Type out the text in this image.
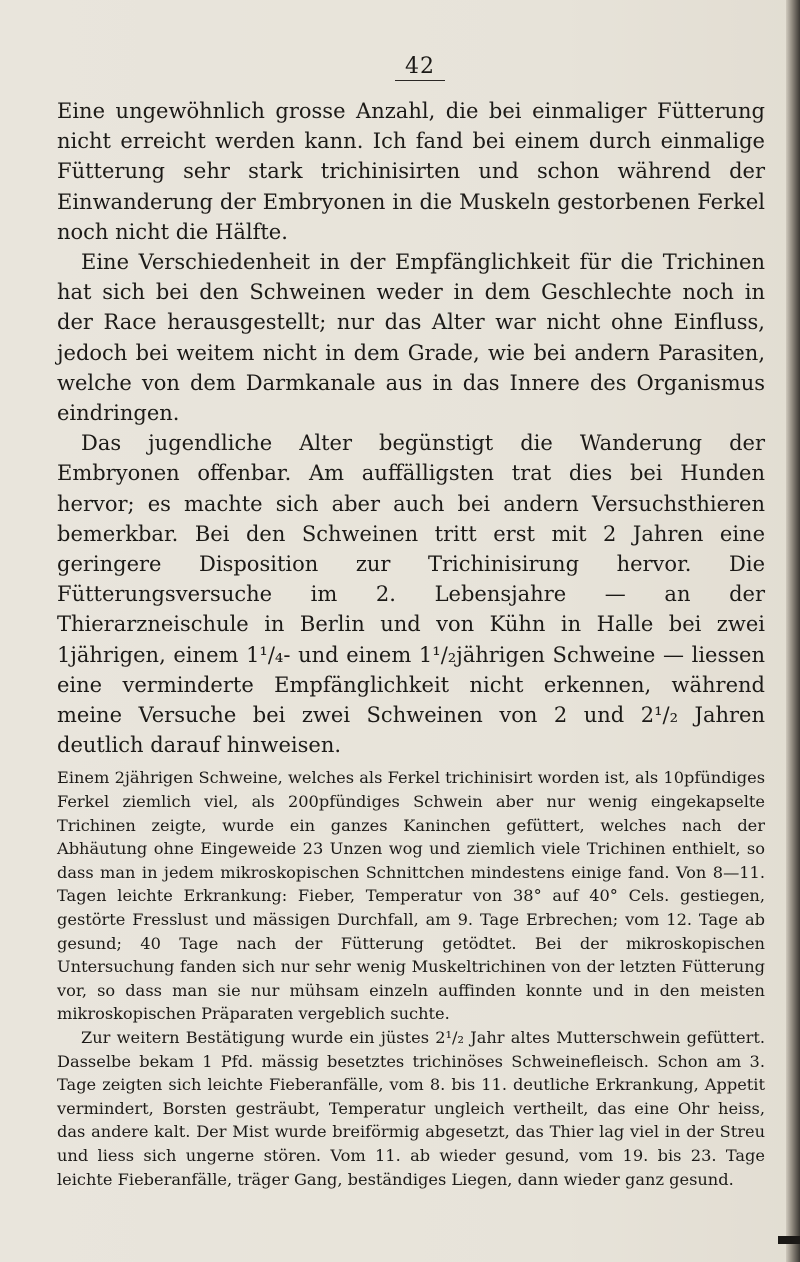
42

Eine ungewöhnlich grosse Anzahl, die bei einmaliger Fütterung nicht erreicht werden kann. Ich fand bei einem durch einmalige Fütterung sehr stark trichinisirten und schon während der Einwanderung der Embryonen in die Muskeln gestorbenen Ferkel noch nicht die Hälfte.

Eine Verschiedenheit in der Empfänglichkeit für die Trichinen hat sich bei den Schweinen weder in dem Geschlechte noch in der Race herausgestellt; nur das Alter war nicht ohne Einfluss, jedoch bei weitem nicht in dem Grade, wie bei andern Parasiten, welche von dem Darmkanale aus in das Innere des Organismus eindringen.

Das jugendliche Alter begünstigt die Wanderung der Embryonen offenbar. Am auffälligsten trat dies bei Hunden hervor; es machte sich aber auch bei andern Versuchsthieren bemerkbar. Bei den Schweinen tritt erst mit 2 Jahren eine geringere Disposition zur Trichinisirung hervor. Die Fütterungsversuche im 2. Lebensjahre — an der Thierarzneischule in Berlin und von Kühn in Halle bei zwei 1jährigen, einem 1¹/₄- und einem 1¹/₂jährigen Schweine — liessen eine verminderte Empfänglichkeit nicht erkennen, während meine Versuche bei zwei Schweinen von 2 und 2¹/₂ Jahren deutlich darauf hinweisen.

Einem 2jährigen Schweine, welches als Ferkel trichinisirt worden ist, als 10pfündiges Ferkel ziemlich viel, als 200pfündiges Schwein aber nur wenig eingekapselte Trichinen zeigte, wurde ein ganzes Kaninchen gefüttert, welches nach der Abhäutung ohne Eingeweide 23 Unzen wog und ziemlich viele Trichinen enthielt, so dass man in jedem mikroskopischen Schnittchen mindestens einige fand. Von 8—11. Tagen leichte Erkrankung: Fieber, Temperatur von 38° auf 40° Cels. gestiegen, gestörte Fresslust und mässigen Durchfall, am 9. Tage Erbrechen; vom 12. Tage ab gesund; 40 Tage nach der Fütterung getödtet. Bei der mikroskopischen Untersuchung fanden sich nur sehr wenig Muskeltrichinen von der letzten Fütterung vor, so dass man sie nur mühsam einzeln auffinden konnte und in den meisten mikroskopischen Präparaten vergeblich suchte.

Zur weitern Bestätigung wurde ein jüstes 2¹/₂ Jahr altes Mutterschwein gefüttert. Dasselbe bekam 1 Pfd. mässig besetztes trichinöses Schweinefleisch. Schon am 3. Tage zeigten sich leichte Fieberanfälle, vom 8. bis 11. deutliche Erkrankung, Appetit vermindert, Borsten gesträubt, Temperatur ungleich vertheilt, das eine Ohr heiss, das andere kalt. Der Mist wurde breiförmig abgesetzt, das Thier lag viel in der Streu und liess sich ungerne stören. Vom 11. ab wieder gesund, vom 19. bis 23. Tage leichte Fieberanfälle, träger Gang, beständiges Liegen, dann wieder ganz gesund.
